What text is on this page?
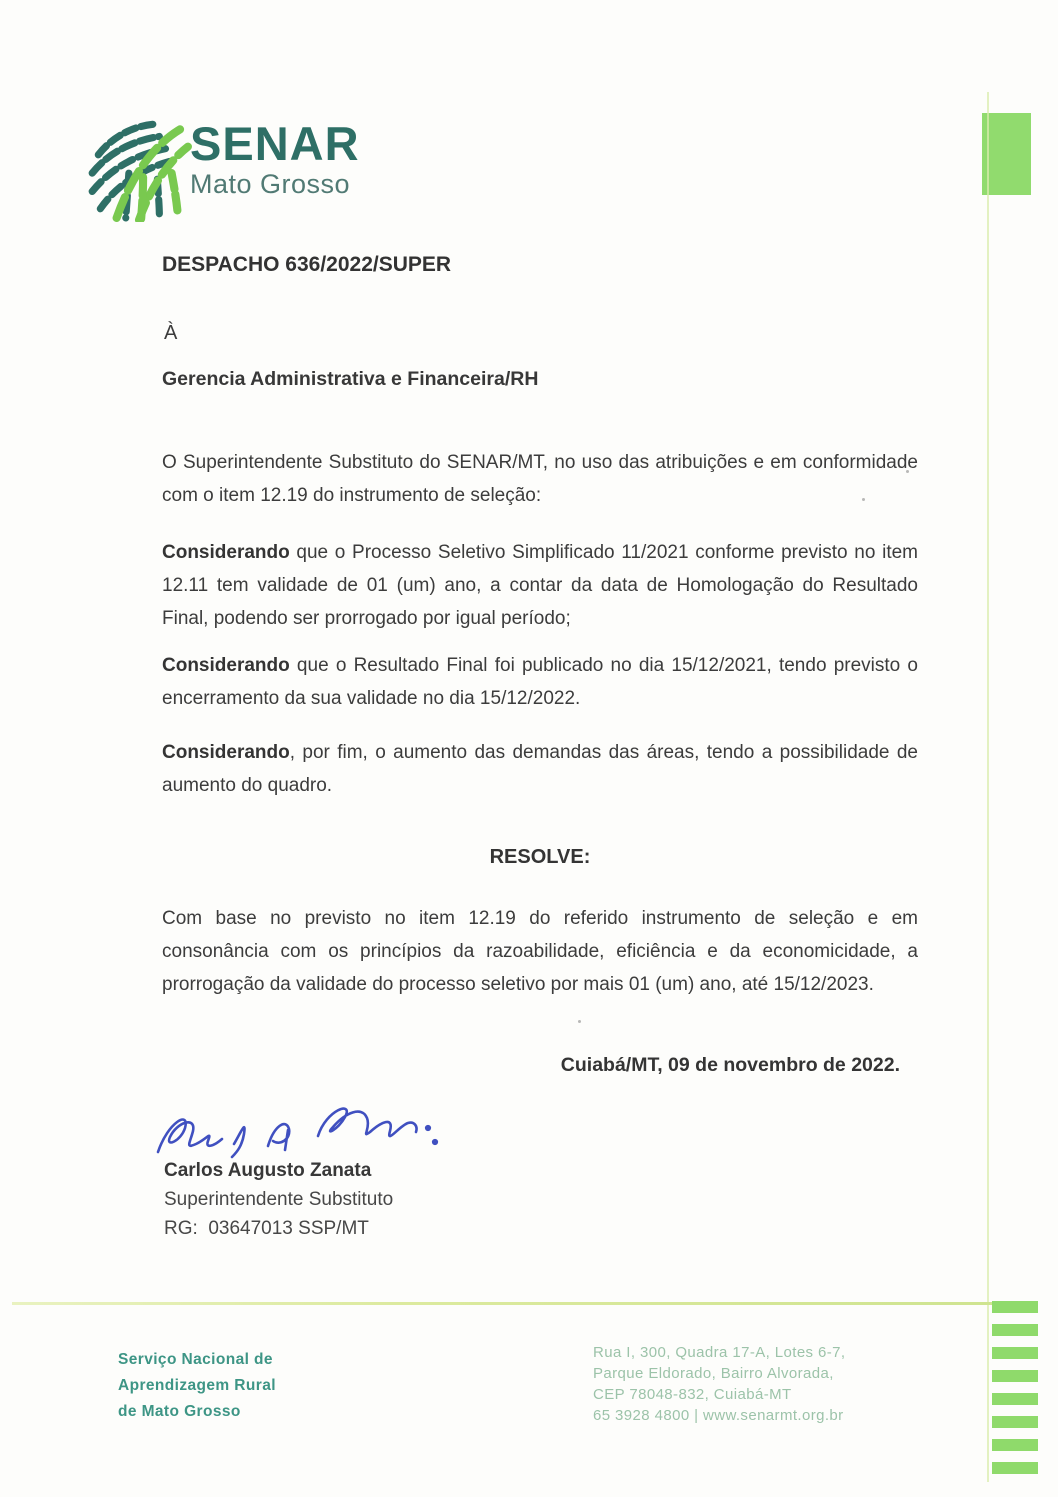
SENAR
Mato Grosso
DESPACHO 636/2022/SUPER
À
Gerencia Administrativa e Financeira/RH
O Superintendente Substituto do SENAR/MT, no uso das atribuições e em conformidade com o item 12.19 do instrumento de seleção:
Considerando que o Processo Seletivo Simplificado 11/2021 conforme previsto no item 12.11 tem validade de 01 (um) ano, a contar da data de Homologação do Resultado Final, podendo ser prorrogado por igual período;
Considerando que o Resultado Final foi publicado no dia 15/12/2021, tendo previsto o encerramento da sua validade no dia 15/12/2022.
Considerando, por fim, o aumento das demandas das áreas, tendo a possibilidade de aumento do quadro.
RESOLVE:
Com base no previsto no item 12.19 do referido instrumento de seleção e em consonância com os princípios da razoabilidade, eficiência e da economicidade, a prorrogação da validade do processo seletivo por mais 01 (um) ano, até 15/12/2023.
Cuiabá/MT, 09 de novembro de 2022.
Carlos Augusto Zanata
Superintendente Substituto
RG:  03647013 SSP/MT
Serviço Nacional de
Aprendizagem Rural
de Mato Grosso
Rua I, 300, Quadra 17-A, Lotes 6-7,
Parque Eldorado, Bairro Alvorada,
CEP 78048-832, Cuiabá-MT
65 3928 4800 | www.senarmt.org.br
